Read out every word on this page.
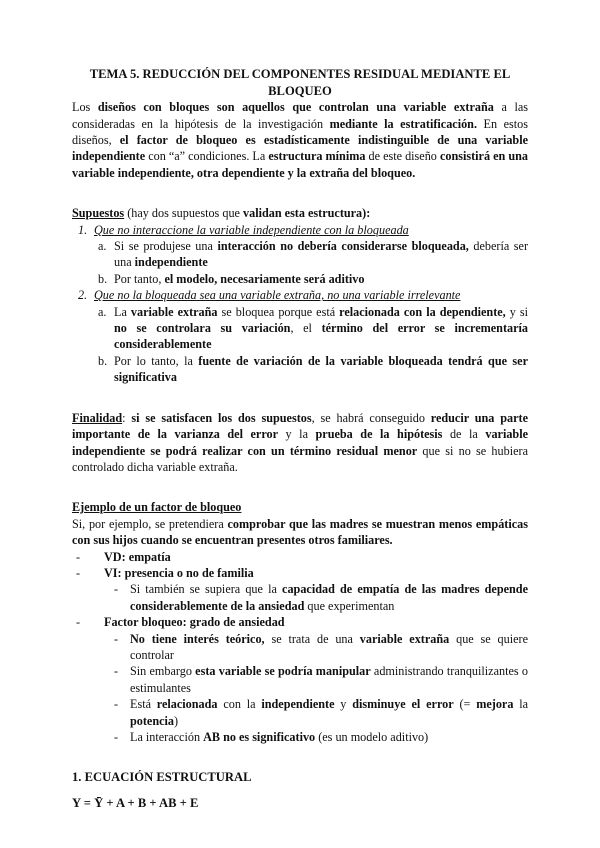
TEMA 5. REDUCCIÓN DEL COMPONENTES RESIDUAL MEDIANTE EL
BLOQUEO

Los diseños con bloques son aquellos que controlan una variable extraña a las consideradas en la hipótesis de la investigación mediante la estratificación. En estos diseños, el factor de bloqueo es estadísticamente indistinguible de una variable independiente con “a” condiciones. La estructura mínima de este diseño consistirá en una variable independiente, otra dependiente y la extraña del bloqueo.

Supuestos (hay dos supuestos que validan esta estructura):

1. Que no interaccione la variable independiente con la bloqueada
a. Si se produjese una interacción no debería considerarse bloqueada, debería ser una independiente
b. Por tanto, el modelo, necesariamente será aditivo
2. Que no la bloqueada sea una variable extraña, no una variable irrelevante
a. La variable extraña se bloquea porque está relacionada con la dependiente, y si no se controlara su variación, el término del error se incrementaría considerablemente
b. Por lo tanto, la fuente de variación de la variable bloqueada tendrá que ser significativa

Finalidad: si se satisfacen los dos supuestos, se habrá conseguido reducir una parte importante de la varianza del error y la prueba de la hipótesis de la variable independiente se podrá realizar con un término residual menor que si no se hubiera controlado dicha variable extraña.

Ejemplo de un factor de bloqueo

Si, por ejemplo, se pretendiera comprobar que las madres se muestran menos empáticas con sus hijos cuando se encuentran presentes otros familiares.

- VD: empatía
- VI: presencia o no de familia
- Si también se supiera que la capacidad de empatía de las madres depende considerablemente de la ansiedad que experimentan
- Factor bloqueo: grado de ansiedad
- No tiene interés teórico, se trata de una variable extraña que se quiere controlar
- Sin embargo esta variable se podría manipular administrando tranquilizantes o estimulantes
- Está relacionada con la independiente y disminuye el error (= mejora la potencia)
- La interacción AB no es significativo (es un modelo aditivo)
1. ECUACIÓN ESTRUCTURAL
Y = Ȳ + A + B + AB + E
